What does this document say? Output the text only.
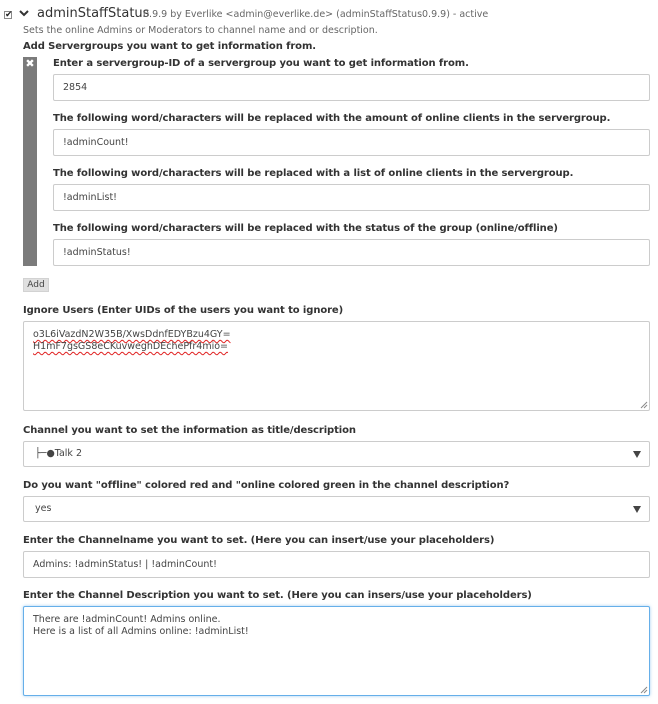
✔ adminStaffStatus
0.9.9 by Everlike <admin@everlike.de> (adminStaffStatus0.9.9) - active
Sets the online Admins or Moderators to channel name and or description.
Add Servergroups you want to get information from.
✖ Enter a servergroup-ID of a servergroup you want to get information from.
2854
The following word/characters will be replaced with the amount of online clients in the servergroup.
!adminCount!
The following word/characters will be replaced with a list of online clients in the servergroup.
!adminList!
The following word/characters will be replaced with the status of the group (online/offline)
!adminStatus!
Add
Ignore Users (Enter UIDs of the users you want to ignore)
o3L6iVazdN2W35B/XwsDdnfEDYBzu4GY=
H1mF7gsGS8eCKuvweghDEchePfr4mio=
Channel you want to set the information as title/description
├─●Talk 2
Do you want "offline" colored red and "online colored green in the channel description?
yes
Enter the Channelname you want to set. (Here you can insert/use your placeholders)
Admins: !adminStatus! | !adminCount!
Enter the Channel Description you want to set. (Here you can insers/use your placeholders)
There are !adminCount! Admins online.
Here is a list of all Admins online: !adminList!
